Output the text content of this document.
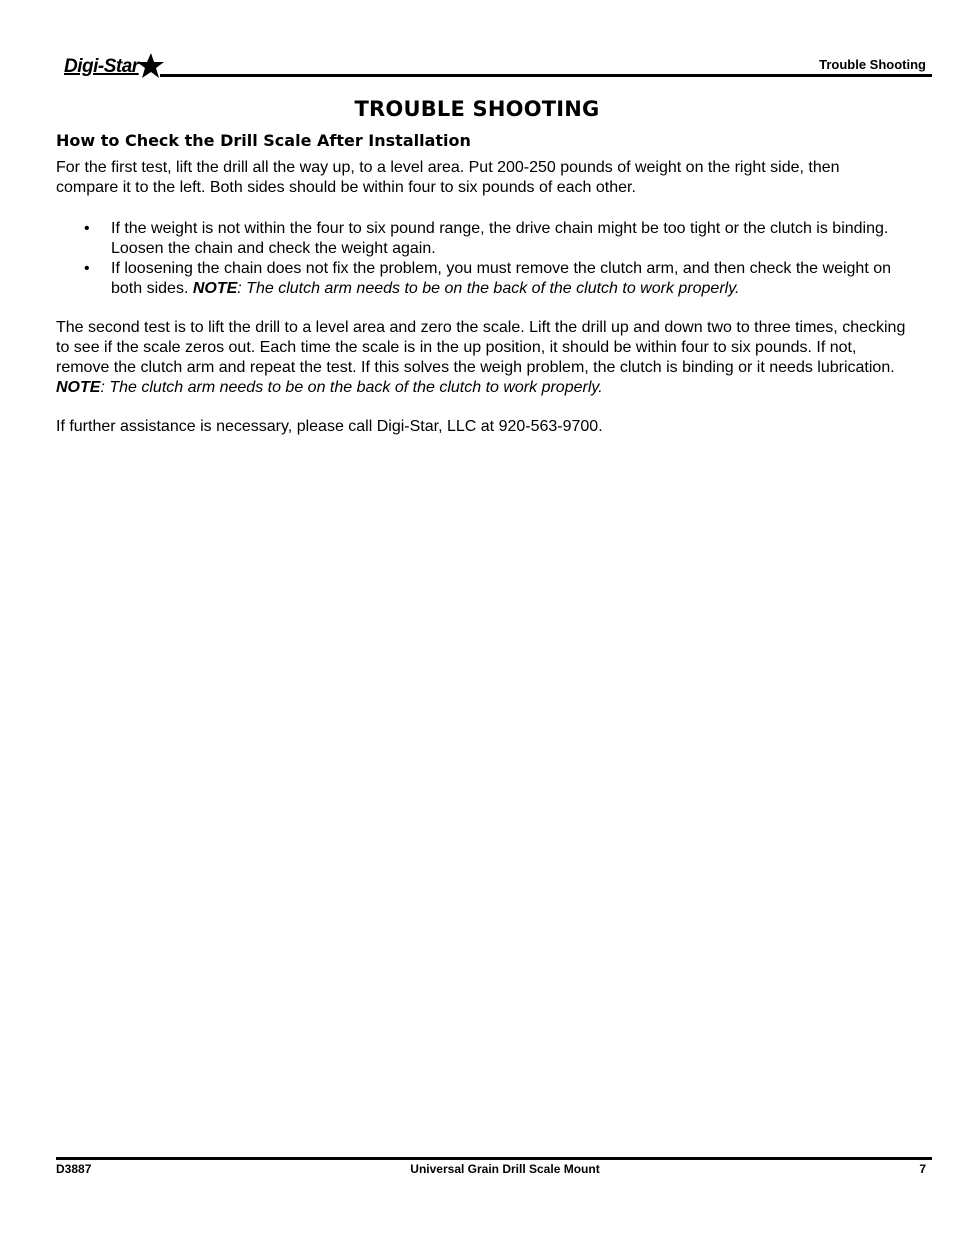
Digi-Star	Trouble Shooting
TROUBLE SHOOTING
How to Check the Drill Scale After Installation
For the first test, lift the drill all the way up, to a level area. Put 200-250 pounds of weight on the right side, then compare it to the left. Both sides should be within four to six pounds of each other.
• If the weight is not within the four to six pound range, the drive chain might be too tight or the clutch is binding. Loosen the chain and check the weight again.
• If loosening the chain does not fix the problem, you must remove the clutch arm, and then check the weight on both sides. NOTE: The clutch arm needs to be on the back of the clutch to work properly.
The second test is to lift the drill to a level area and zero the scale. Lift the drill up and down two to three times, checking to see if the scale zeros out. Each time the scale is in the up position, it should be within four to six pounds. If not, remove the clutch arm and repeat the test. If this solves the weigh problem, the clutch is binding or it needs lubrication. NOTE: The clutch arm needs to be on the back of the clutch to work properly.
If further assistance is necessary, please call Digi-Star, LLC at 920-563-9700.
D3887	Universal Grain Drill Scale Mount	7
